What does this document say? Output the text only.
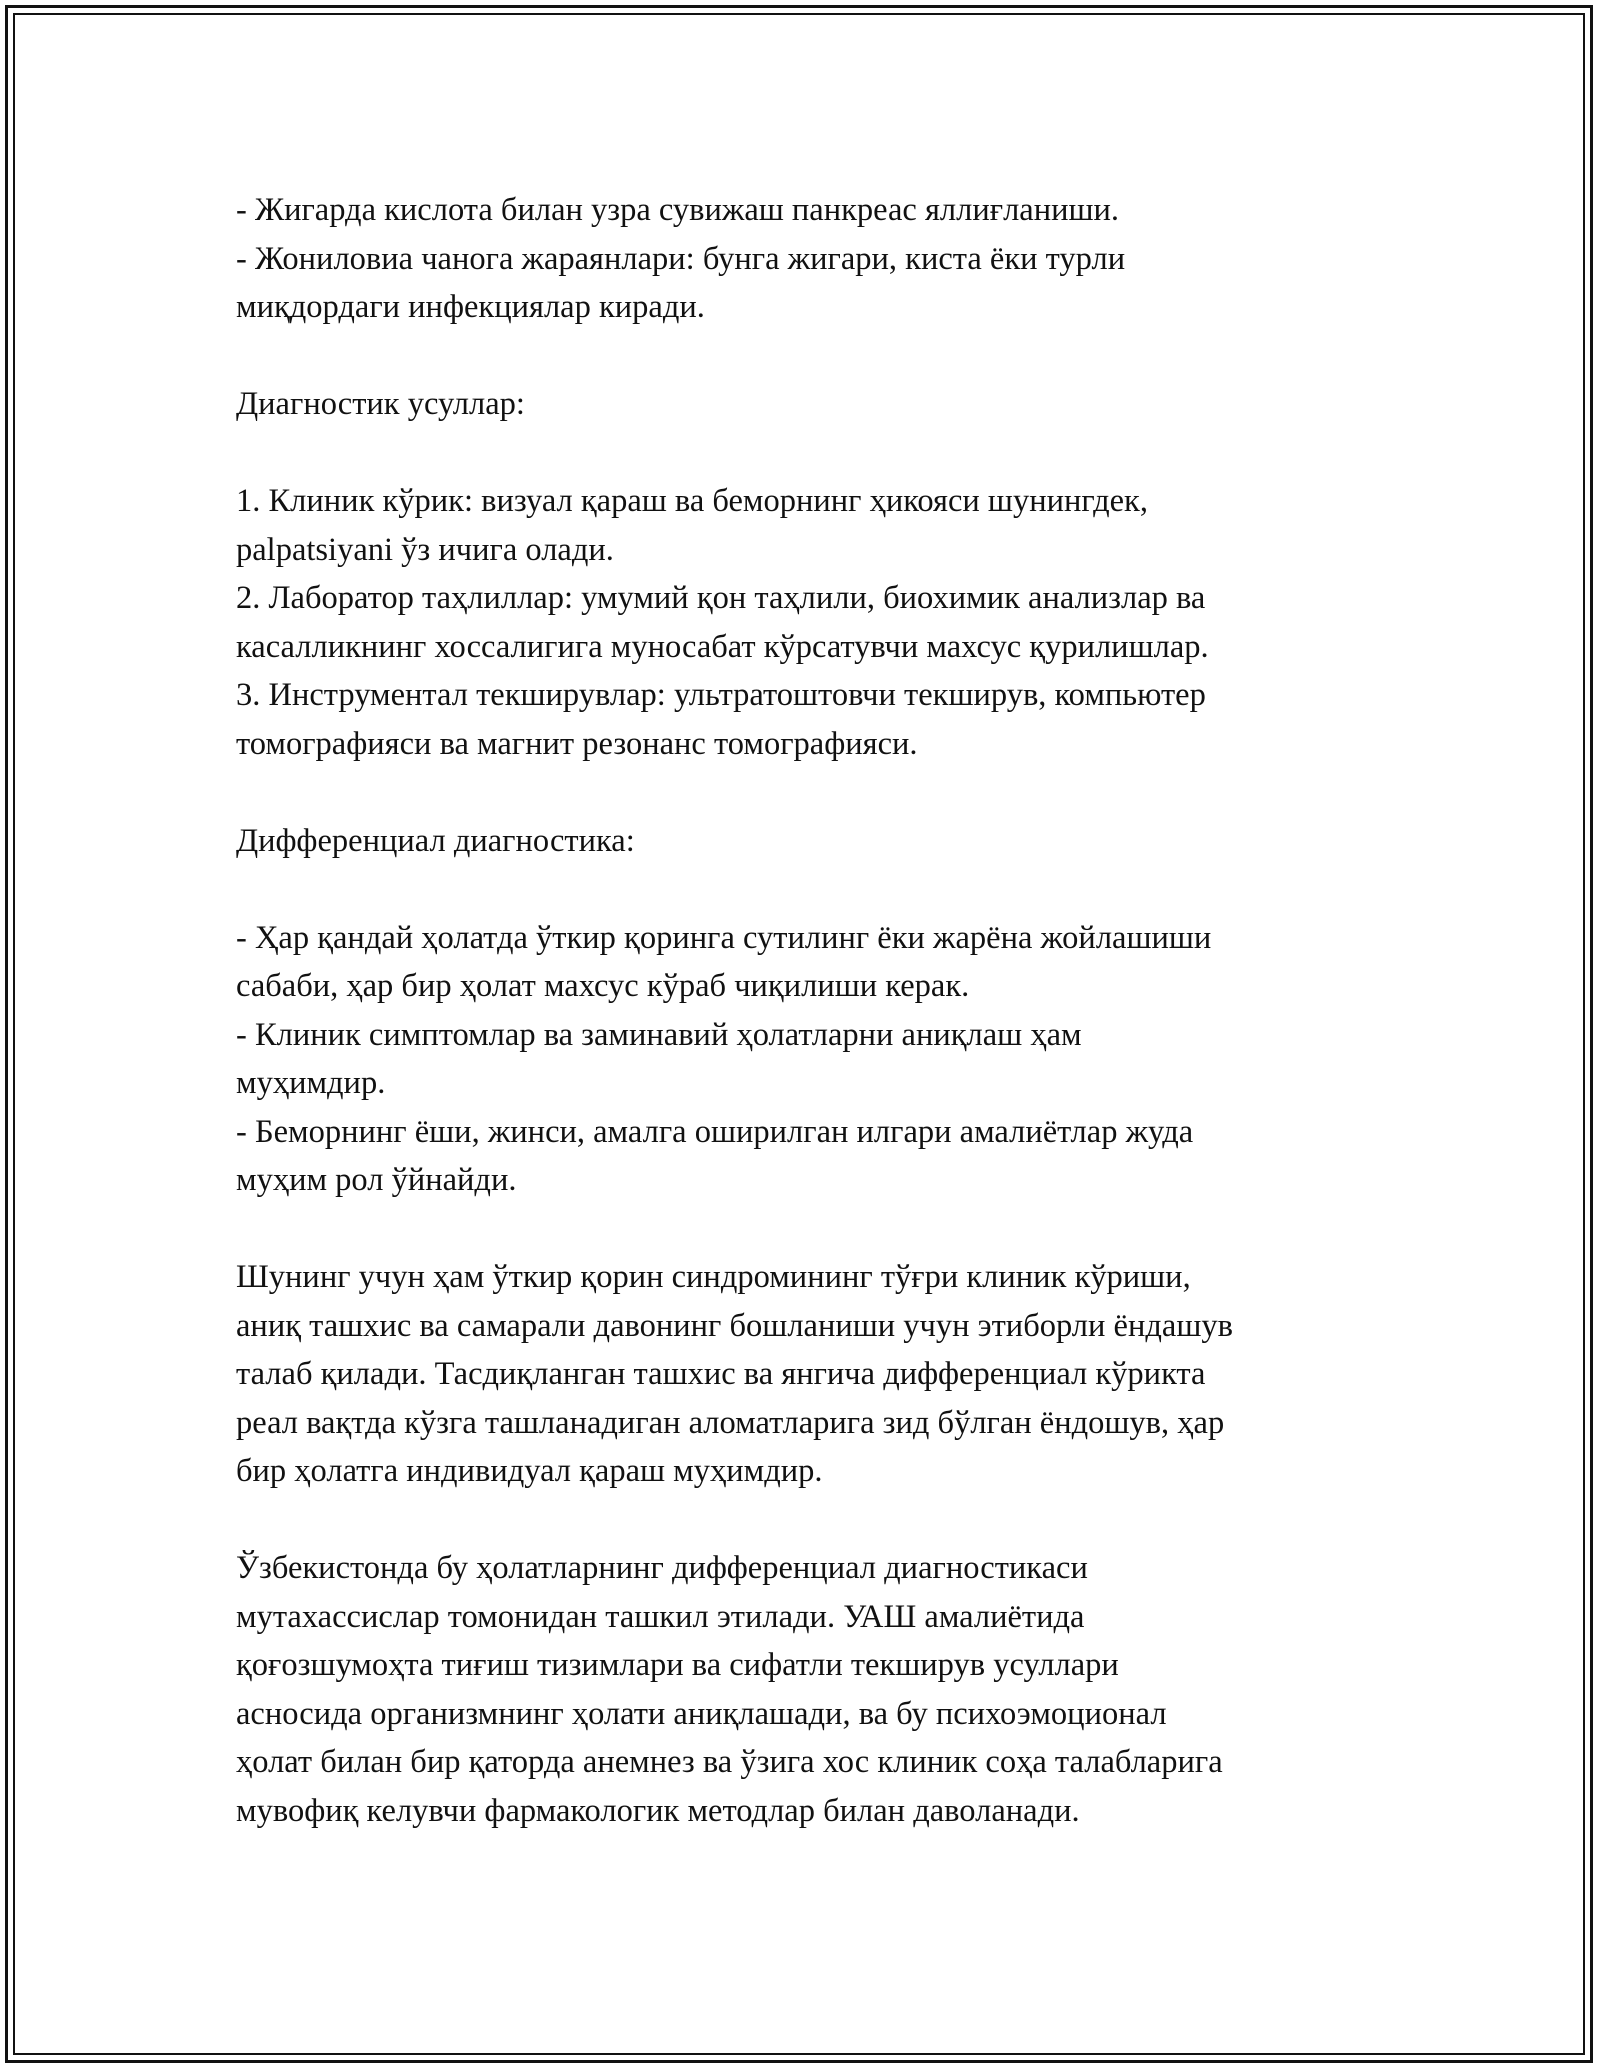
- Жигарда кислота билан узра сувижаш панкреас яллиғланиши.
- Жониловиа чанога жараянлари: бунга жигари, киста ёки турли
миқдордаги инфекциялар киради.
Диагностик усуллар:
1. Клиник кўрик: визуал қараш ва беморнинг ҳикояси шунингдек,
palpatsiyani ўз ичига олади.
2. Лаборатор таҳлиллар: умумий қон таҳлили, биохимик анализлар ва
касалликнинг хоссалигига муносабат кўрсатувчи махсус қурилишлар.
3. Инструментал текширувлар: ультратоштовчи текширув, компьютер
томографияси ва магнит резонанс томографияси.
Дифференциал диагностика:
- Ҳар қандай ҳолатда ўткир қоринга сутилинг ёки жарёна жойлашиши
сабаби, ҳар бир ҳолат махсус кўраб чиқилиши керак.
- Клиник симптомлар ва заминавий ҳолатларни аниқлаш ҳам
муҳимдир.
- Беморнинг ёши, жинси, амалга оширилган илгари амалиётлар жуда
муҳим рол ўйнайди.
Шунинг учун ҳам ўткир қорин синдромининг тўғри клиник кўриши,
аниқ ташхис ва самарали давонинг бошланиши учун этиборли ёндашув
талаб қилади. Тасдиқланган ташхис ва янгича дифференциал кўрикта
реал вақтда кўзга ташланадиган аломатларига зид бўлган ёндошув, ҳар
бир ҳолатга индивидуал қараш муҳимдир.
Ўзбекистонда бу ҳолатларнинг дифференциал диагностикаси
мутахассислар томонидан ташкил этилади. УАШ амалиётида
қоғозшумоҳта тиғиш тизимлари ва сифатли текширув усуллари
асносида организмнинг ҳолати аниқлашади, ва бу психоэмоционал
ҳолат билан бир қаторда анемнез ва ўзига хос клиник соҳа талабларига
мувофиқ келувчи фармакологик методлар билан даволанади.
